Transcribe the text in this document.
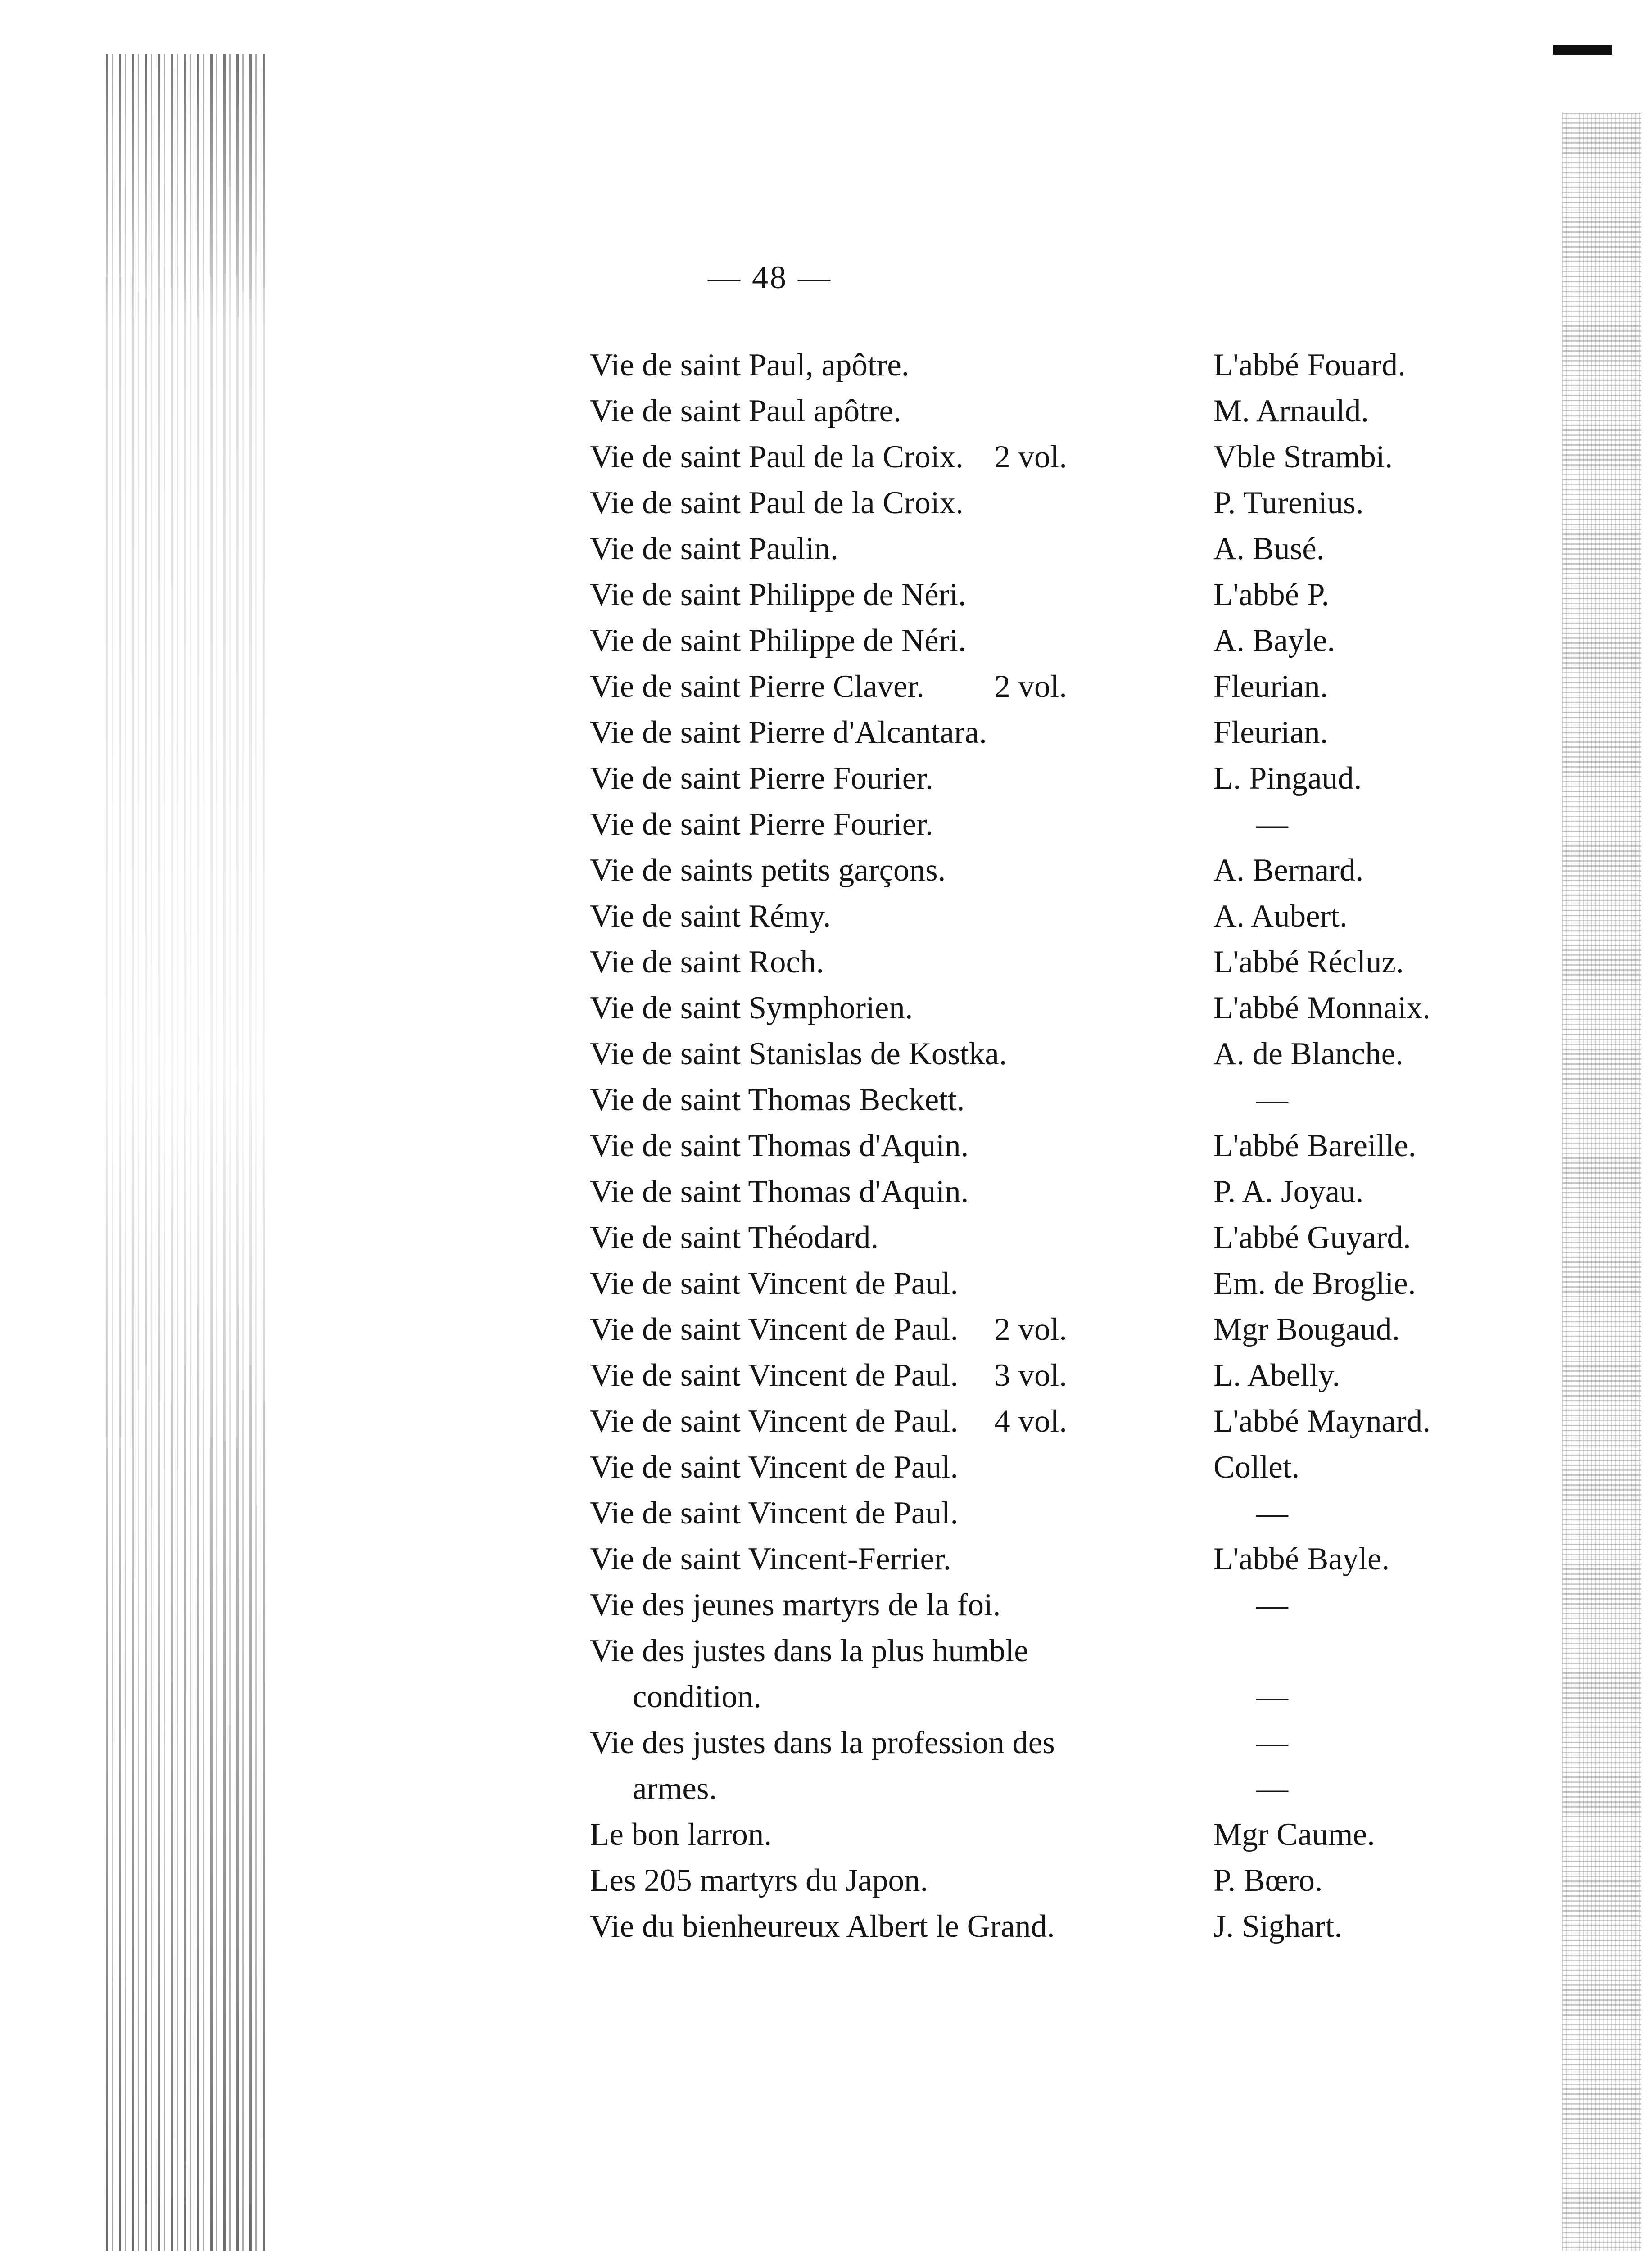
— 48 —
Vie de saint Paul, apôtre.	L'abbé Fouard.
Vie de saint Paul apôtre.	M. Arnauld.
Vie de saint Paul de la Croix. 2 vol.	Vble Strambi.
Vie de saint Paul de la Croix.	P. Turenius.
Vie de saint Paulin.	A. Busé.
Vie de saint Philippe de Néri.	L'abbé P.
Vie de saint Philippe de Néri.	A. Bayle.
Vie de saint Pierre Claver. 2 vol.	Fleurian.
Vie de saint Pierre d'Alcantara.	Fleurian.
Vie de saint Pierre Fourier.	L. Pingaud.
Vie de saint Pierre Fourier.	—
Vie de saints petits garçons.	A. Bernard.
Vie de saint Rémy.	A. Aubert.
Vie de saint Roch.	L'abbé Récluz.
Vie de saint Symphorien.	L'abbé Monnaix.
Vie de saint Stanislas de Kostka.	A. de Blanche.
Vie de saint Thomas Beckett.	—
Vie de saint Thomas d'Aquin.	L'abbé Bareille.
Vie de saint Thomas d'Aquin.	P. A. Joyau.
Vie de saint Théodard.	L'abbé Guyard.
Vie de saint Vincent de Paul.	Em. de Broglie.
Vie de saint Vincent de Paul. 2 vol.	Mgr Bougaud.
Vie de saint Vincent de Paul. 3 vol.	L. Abelly.
Vie de saint Vincent de Paul. 4 vol.	L'abbé Maynard.
Vie de saint Vincent de Paul.	Collet.
Vie de saint Vincent de Paul.	—
Vie de saint Vincent-Ferrier.	L'abbé Bayle.
Vie des jeunes martyrs de la foi.	—
Vie des justes dans la plus humble
condition.	—
Vie des justes dans la profession des	—
armes.	—
Le bon larron.	Mgr Caume.
Les 205 martyrs du Japon.	P. Bœro.
Vie du bienheureux Albert le Grand.	J. Sighart.
